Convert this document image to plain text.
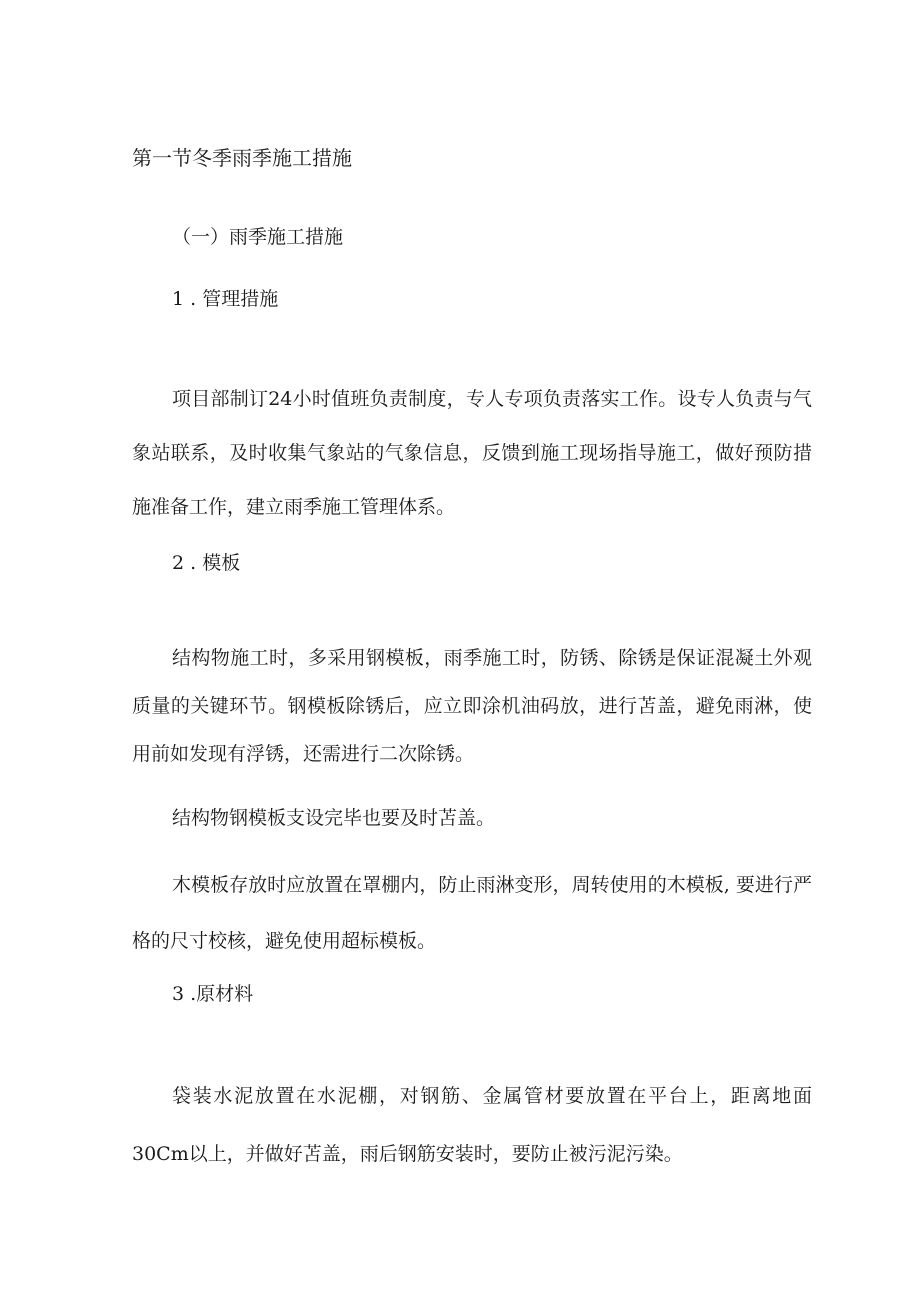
第一节冬季雨季施工措施

（一）雨季施工措施

1 . 管理措施

项目部制订24小时值班负责制度，专人专项负责落实工作。设专人负责与气象站联系，及时收集气象站的气象信息，反馈到施工现场指导施工，做好预防措施准备工作，建立雨季施工管理体系。

2 . 模板

结构物施工时，多采用钢模板，雨季施工时，防锈、除锈是保证混凝土外观质量的关键环节。钢模板除锈后，应立即涂机油码放，进行苫盖，避免雨淋，使用前如发现有浮锈，还需进行二次除锈。

结构物钢模板支设完毕也要及时苫盖。

木模板存放时应放置在罩棚内，防止雨淋变形，周转使用的木模板, 要进行严格的尺寸校核，避免使用超标模板。

3 .原材料

袋装水泥放置在水泥棚，对钢筋、金属管材要放置在平台上，距离地面30Cm以上，并做好苫盖，雨后钢筋安装时，要防止被污泥污染。
